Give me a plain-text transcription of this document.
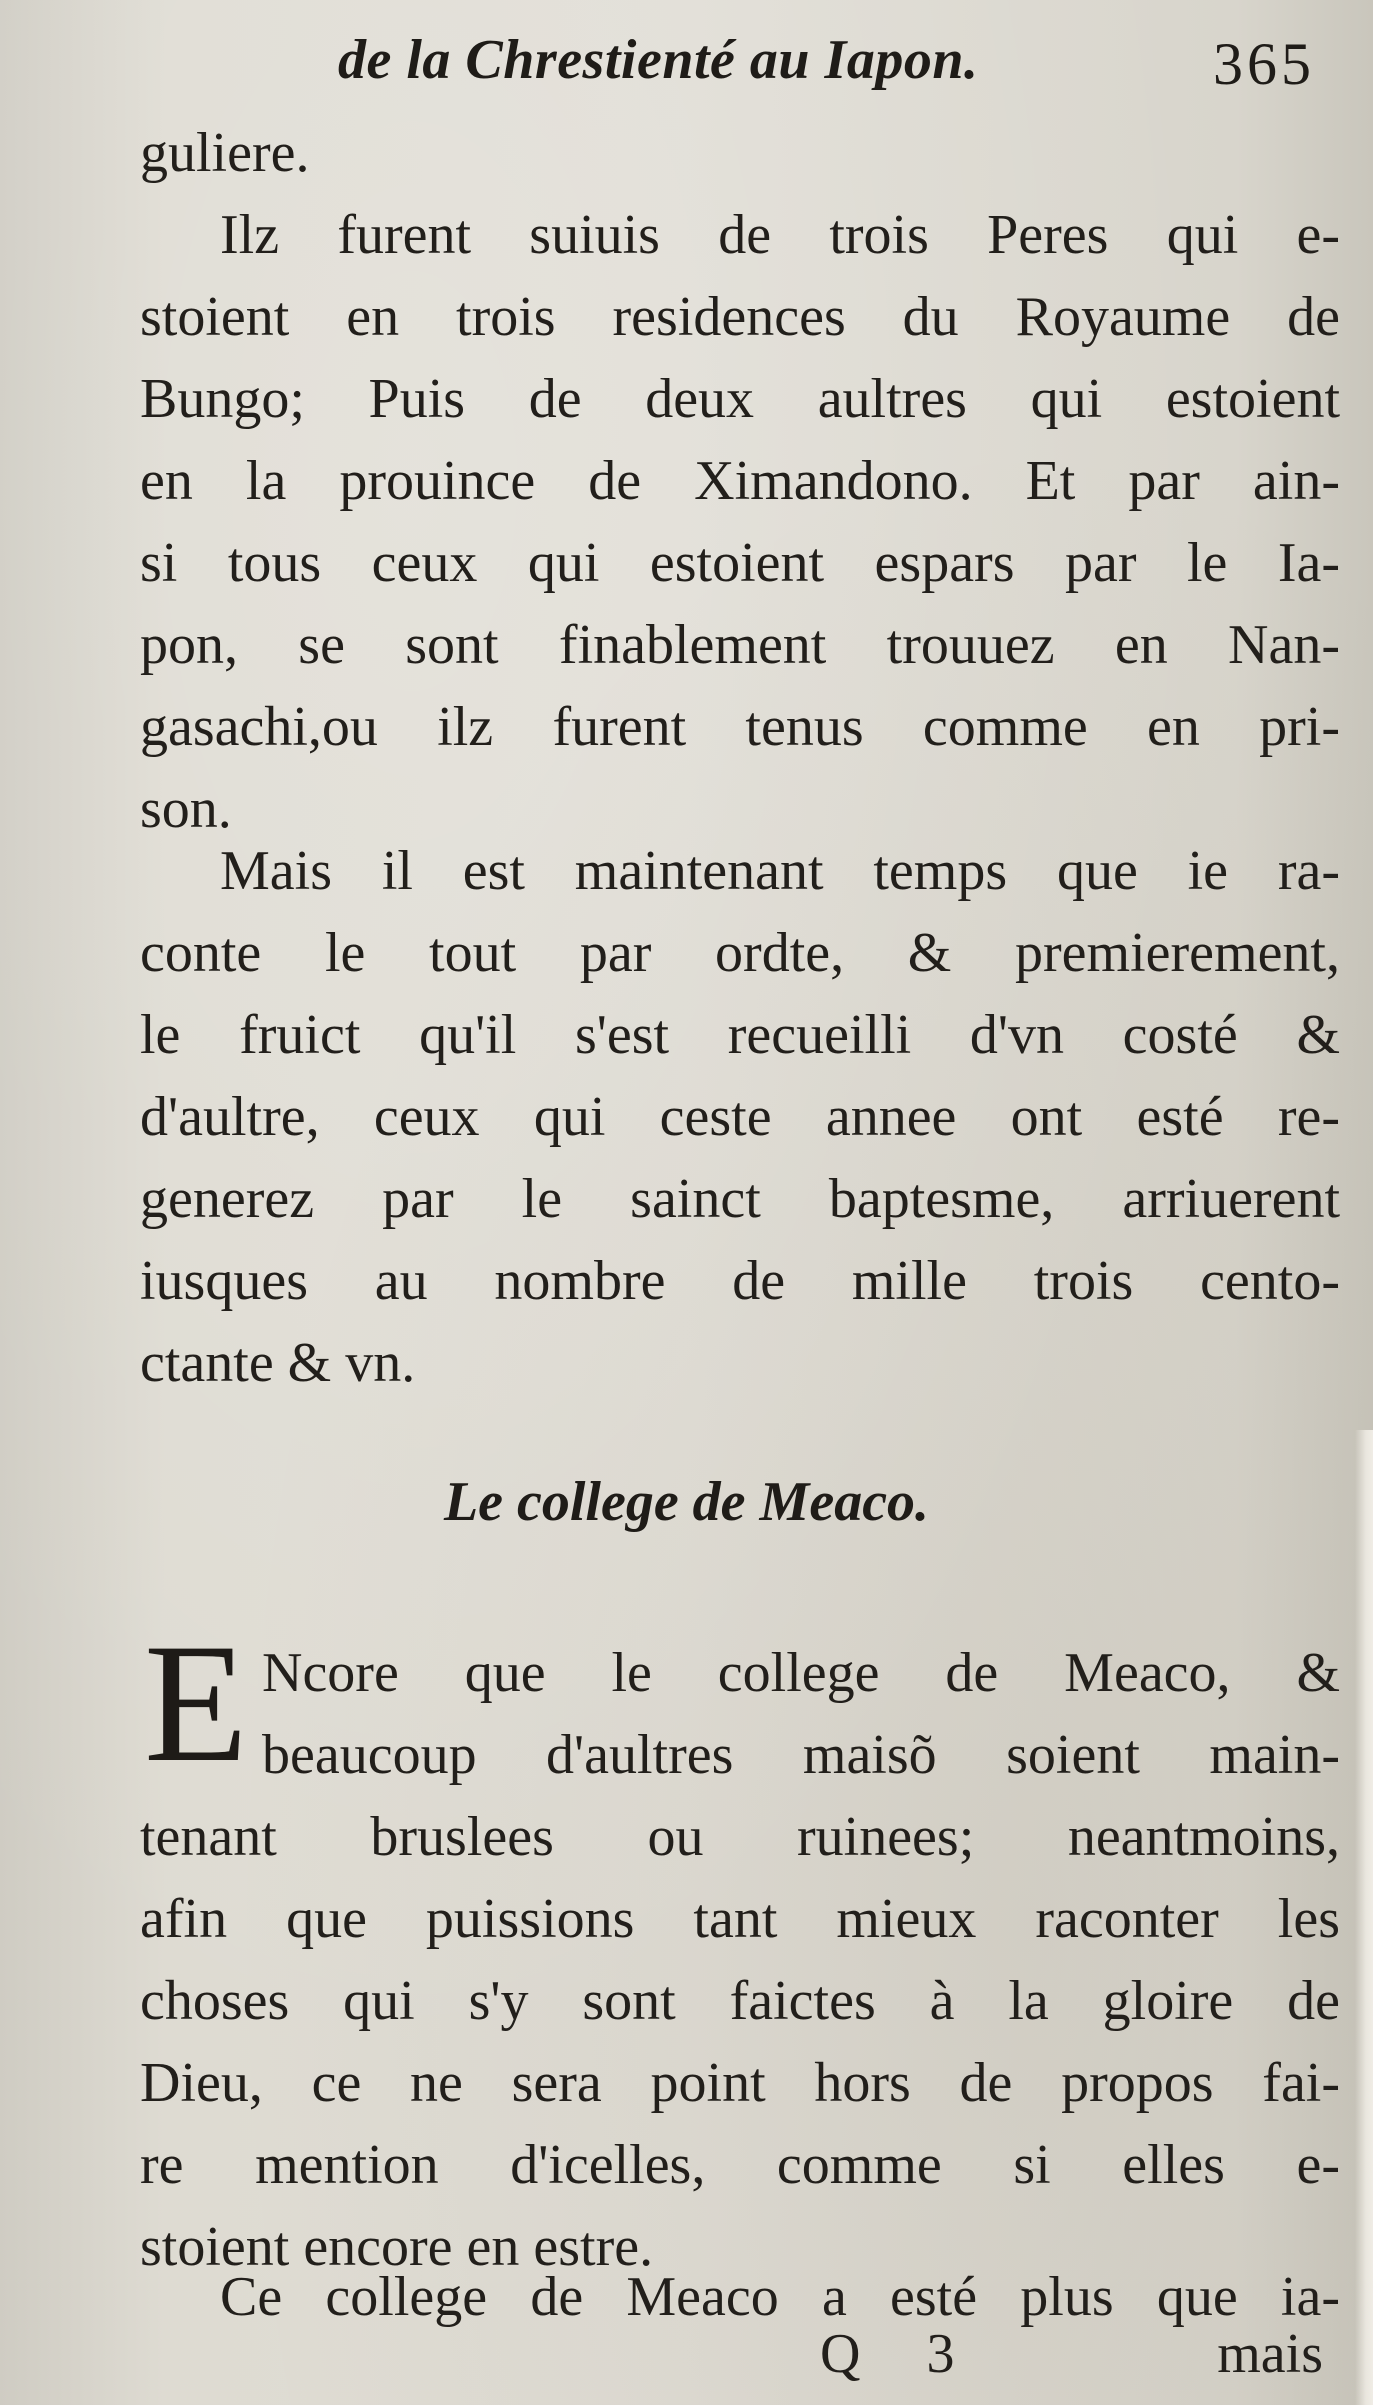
de la Chrestienté au Iapon.	365
guliere.
Ilz furent suiuis de trois Peres qui e-
stoient en trois residences du Royaume de
Bungo; Puis de deux aultres qui estoient
en la prouince de Ximandono. Et par ain-
si tous ceux qui estoient espars par le Ia-
pon, se sont finablement trouuez en Nan-
gasachi,ou ilz furent tenus comme en pri-
son.
Mais il est maintenant temps que ie ra-
conte le tout par ordte, & premierement,
le fruict qu'il s'est recueilli d'vn costé &
d'aultre, ceux qui ceste annee ont esté re-
generez par le sainct baptesme, arriuerent
iusques au nombre de mille trois cento-
ctante & vn.
Le college de Meaco.
E Ncore que le college de Meaco, &
beaucoup d'aultres maisõ soient main-
tenant bruslees ou ruinees; neantmoins,
afin que puissions tant mieux raconter les
choses qui s'y sont faictes à la gloire de
Dieu, ce ne sera point hors de propos fai-
re mention d'icelles, comme si elles e-
stoient encore en estre.
Ce college de Meaco a esté plus que ia-
Q 3	mais
